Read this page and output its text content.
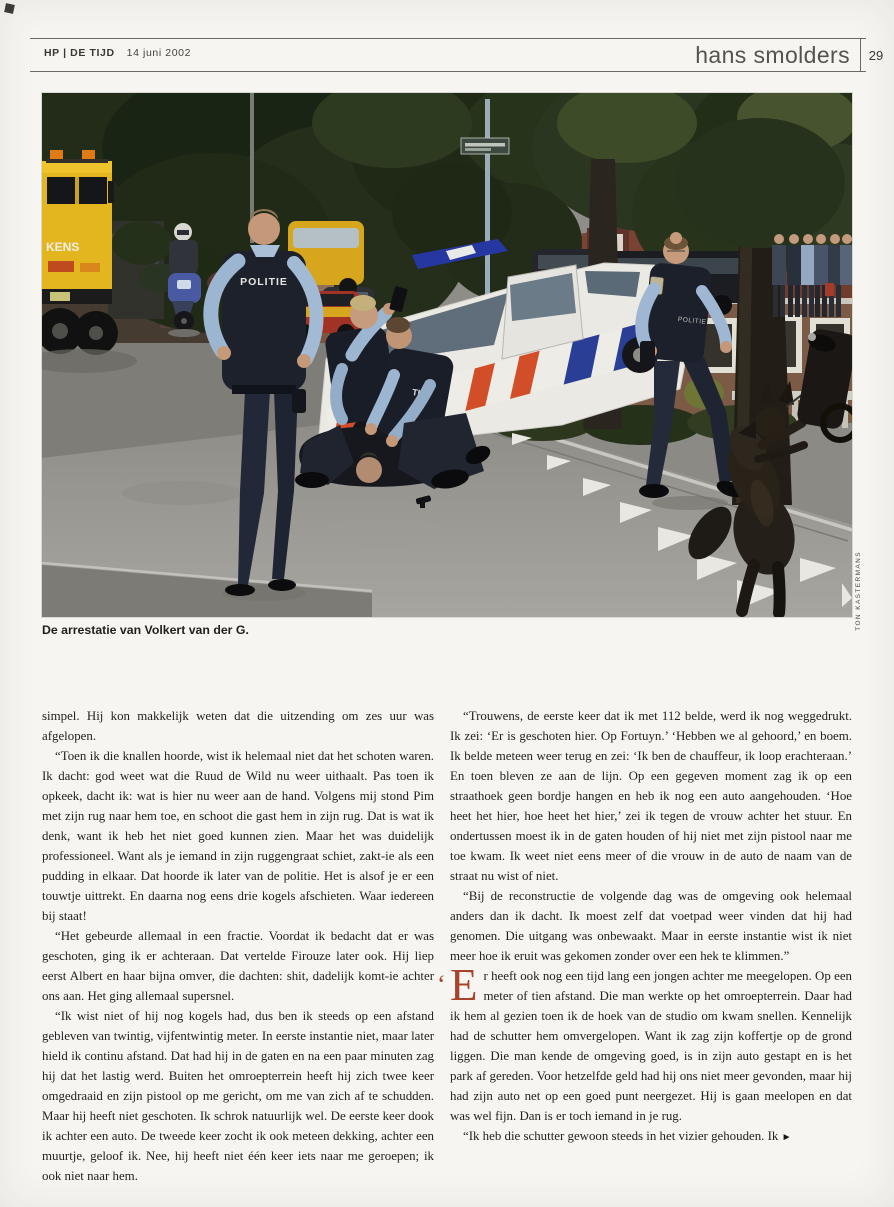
HP | DE TIJD 14 juni 2002	hans smolders	29
KENS
TIE
POLITIE
POLITIE
TON KASTERMANS
De arrestatie van Volkert van der G.

simpel. Hij kon makkelijk weten dat die uitzending om zes uur was afgelopen.

“Toen ik die knallen hoorde, wist ik helemaal niet dat het schoten waren. Ik dacht: god weet wat die Ruud de Wild nu weer uithaalt. Pas toen ik opkeek, dacht ik: wat is hier nu weer aan de hand. Volgens mij stond Pim met zijn rug naar hem toe, en schoot die gast hem in zijn rug. Dat is wat ik denk, want ik heb het niet goed kunnen zien. Maar het was duidelijk professioneel. Want als je iemand in zijn ruggengraat schiet, zakt-ie als een pudding in elkaar. Dat hoorde ik later van de politie. Het is alsof je er een touwtje uittrekt. En daarna nog eens drie kogels afschieten. Waar iedereen bij staat!

“Het gebeurde allemaal in een fractie. Voordat ik bedacht dat er was geschoten, ging ik er achteraan. Dat vertelde Firouze later ook. Hij liep eerst Albert en haar bijna omver, die dachten: shit, dadelijk komt-ie achter ons aan. Het ging allemaal supersnel.

“Ik wist niet of hij nog kogels had, dus ben ik steeds op een afstand gebleven van twintig, vijfentwintig meter. In eerste instantie niet, maar later hield ik continu afstand. Dat had hij in de gaten en na een paar minuten zag hij dat het lastig werd. Buiten het omroepterrein heeft hij zich twee keer omgedraaid en zijn pistool op me gericht, om me van zich af te schudden. Maar hij heeft niet geschoten. Ik schrok natuurlijk wel. De eerste keer dook ik achter een auto. De tweede keer zocht ik ook meteen dekking, achter een muurtje, geloof ik. Nee, hij heeft niet één keer iets naar me geroepen; ik ook niet naar hem.

“Trouwens, de eerste keer dat ik met 112 belde, werd ik nog weggedrukt. Ik zei: ‘Er is geschoten hier. Op Fortuyn.’ ‘Hebben we al gehoord,’ en boem. Ik belde meteen weer terug en zei: ‘Ik ben de chauffeur, ik loop erachteraan.’ En toen bleven ze aan de lijn. Op een gegeven moment zag ik op een straathoek geen bordje hangen en heb ik nog een auto aangehouden. ‘Hoe heet het hier, hoe heet het hier,’ zei ik tegen de vrouw achter het stuur. En ondertussen moest ik in de gaten houden of hij niet met zijn pistool naar me toe kwam. Ik weet niet eens meer of die vrouw in de auto de naam van de straat nu wist of niet.

“Bij de reconstructie de volgende dag was de omgeving ook helemaal anders dan ik dacht. Ik moest zelf dat voetpad weer vinden dat hij had genomen. Die uitgang was onbewaakt. Maar in eerste instantie wist ik niet meer hoe ik eruit was gekomen zonder over een hek te klimmen.”

‘ E r heeft ook nog een tijd lang een jongen achter me meegelopen. Op een meter of tien afstand. Die man werkte op het omroepterrein. Daar had ik hem al gezien toen ik de hoek van de studio om kwam snellen. Kennelijk had de schutter hem omvergelopen. Want ik zag zijn koffertje op de grond liggen. Die man kende de omgeving goed, is in zijn auto gestapt en is het park af gereden. Voor hetzelfde geld had hij ons niet meer gevonden, maar hij had zijn auto net op een goed punt neergezet. Hij is gaan meelopen en dat was wel fijn. Dan is er toch iemand in je rug.

“Ik heb die schutter gewoon steeds in het vizier gehouden. Ik ►
